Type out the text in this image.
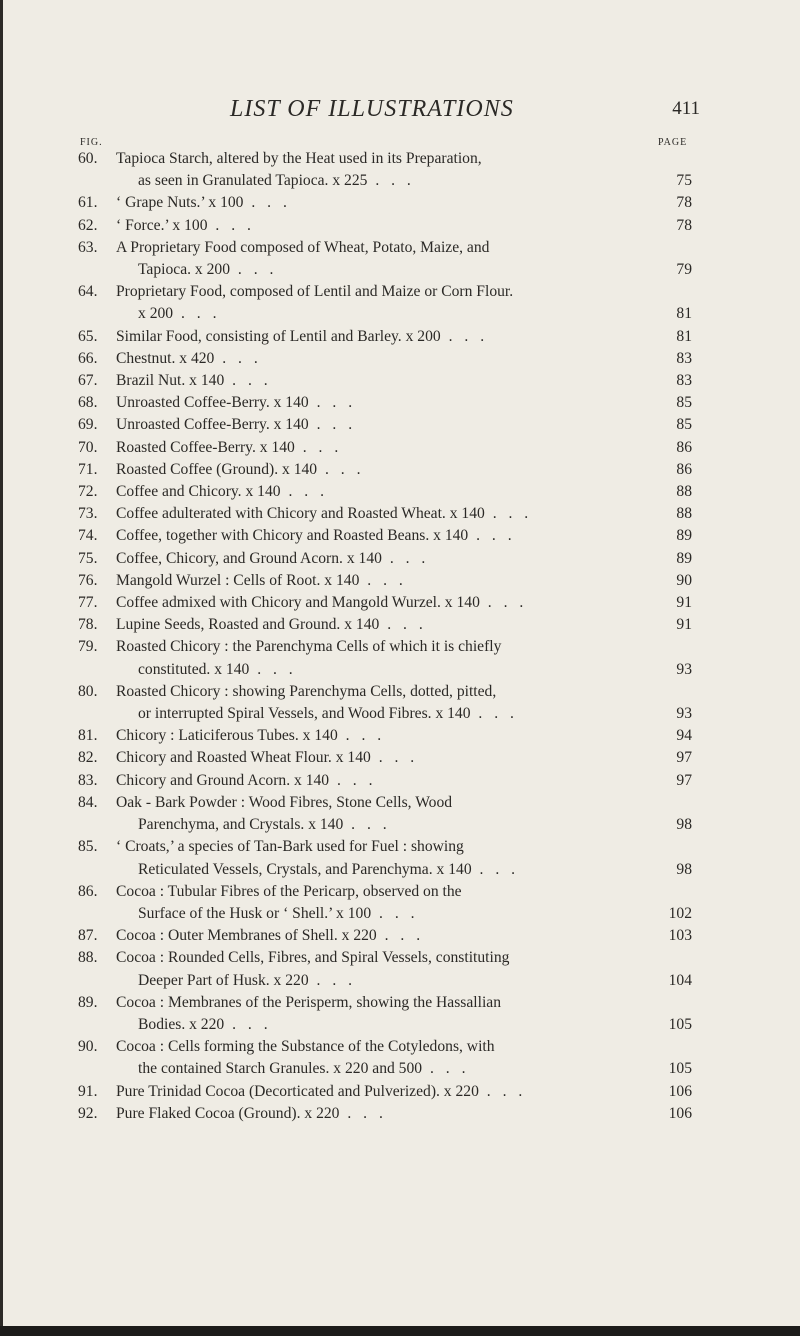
LIST OF ILLUSTRATIONS	411
FIG.	PAGE
60. Tapioca Starch, altered by the Heat used in its Preparation,
as seen in Granulated Tapioca. x 225 . . .	75
61. ‘ Grape Nuts.’ x 100 . . .	78
62. ‘ Force.’ x 100 . . .	78
63. A Proprietary Food composed of Wheat, Potato, Maize, and
Tapioca. x 200 . . .	79
64. Proprietary Food, composed of Lentil and Maize or Corn Flour.
x 200 . . .	81
65. Similar Food, consisting of Lentil and Barley. x 200 . . .	81
66. Chestnut. x 420 . . .	83
67. Brazil Nut. x 140 . . .	83
68. Unroasted Coffee-Berry. x 140 . . .	85
69. Unroasted Coffee-Berry. x 140 . . .	85
70. Roasted Coffee-Berry. x 140 . . .	86
71. Roasted Coffee (Ground). x 140 . . .	86
72. Coffee and Chicory. x 140 . . .	88
73. Coffee adulterated with Chicory and Roasted Wheat. x 140 . . .	88
74. Coffee, together with Chicory and Roasted Beans. x 140 . . .	89
75. Coffee, Chicory, and Ground Acorn. x 140 . . .	89
76. Mangold Wurzel : Cells of Root. x 140 . . .	90
77. Coffee admixed with Chicory and Mangold Wurzel. x 140 . . .	91
78. Lupine Seeds, Roasted and Ground. x 140 . . .	91
79. Roasted Chicory : the Parenchyma Cells of which it is chiefly
constituted. x 140 . . .	93
80. Roasted Chicory : showing Parenchyma Cells, dotted, pitted,
or interrupted Spiral Vessels, and Wood Fibres. x 140 . . .	93
81. Chicory : Laticiferous Tubes. x 140 . . .	94
82. Chicory and Roasted Wheat Flour. x 140 . . .	97
83. Chicory and Ground Acorn. x 140 . . .	97
84. Oak - Bark Powder : Wood Fibres, Stone Cells, Wood
Parenchyma, and Crystals. x 140 . . .	98
85. ‘ Croats,’ a species of Tan-Bark used for Fuel : showing
Reticulated Vessels, Crystals, and Parenchyma. x 140 . . .	98
86. Cocoa : Tubular Fibres of the Pericarp, observed on the
Surface of the Husk or ‘ Shell.’ x 100 . . .	102
87. Cocoa : Outer Membranes of Shell. x 220 . . .	103
88. Cocoa : Rounded Cells, Fibres, and Spiral Vessels, constituting
Deeper Part of Husk. x 220 . . .	104
89. Cocoa : Membranes of the Perisperm, showing the Hassallian
Bodies. x 220 . . .	105
90. Cocoa : Cells forming the Substance of the Cotyledons, with
the contained Starch Granules. x 220 and 500 . . .	105
91. Pure Trinidad Cocoa (Decorticated and Pulverized). x 220 . . .	106
92. Pure Flaked Cocoa (Ground). x 220 . . .	106
